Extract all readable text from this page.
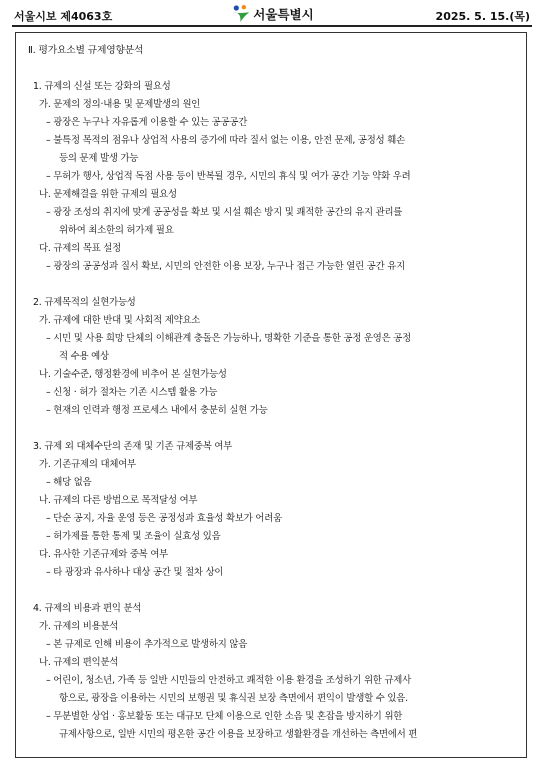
서울시보 제4063호	서울특별시	2025. 5. 15.(목)
Ⅱ. 평가요소별 규제영향분석
1. 규제의 신설 또는 강화의 필요성
가. 문제의 정의·내용 및 문제발생의 원인
– 광장은 누구나 자유롭게 이용할 수 있는 공공공간
– 불특정 목적의 점유나 상업적 사용의 증가에 따라 질서 없는 이용, 안전 문제, 공정성 훼손
등의 문제 발생 가능
– 무허가 행사, 상업적 독점 사용 등이 반복될 경우, 시민의 휴식 및 여가 공간 기능 약화 우려
나. 문제해결을 위한 규제의 필요성
– 광장 조성의 취지에 맞게 공공성을 확보 및 시설 훼손 방지 및 쾌적한 공간의 유지 관리를
위하여 최소한의 허가제 필요
다. 규제의 목표 설정
– 광장의 공공성과 질서 확보, 시민의 안전한 이용 보장, 누구나 접근 가능한 열린 공간 유지
2. 규제목적의 실현가능성
가. 규제에 대한 반대 및 사회적 제약요소
– 시민 및 사용 희망 단체의 이해관계 충돌은 가능하나, 명확한 기준을 통한 공정 운영은 공정
적 수용 예상
나. 기술수준, 행정환경에 비추어 본 실현가능성
– 신청 · 허가 절차는 기존 시스템 활용 가능
– 현재의 인력과 행정 프로세스 내에서 충분히 실현 가능
3. 규제 외 대체수단의 존재 및 기존 규제중복 여부
가. 기존규제의 대체여부
– 해당 없음
나. 규제의 다른 방법으로 목적달성 여부
– 단순 공지, 자율 운영 등은 공정성과 효율성 확보가 어려움
– 허가제를 통한 통제 및 조율이 실효성 있음
다. 유사한 기존규제와 중복 여부
– 타 광장과 유사하나 대상 공간 및 절차 상이
4. 규제의 비용과 편익 분석
가. 규제의 비용분석
– 본 규제로 인해 비용이 추가적으로 발생하지 않음
나. 규제의 편익분석
– 어린이, 청소년, 가족 등 일반 시민들의 안전하고 쾌적한 이용 환경을 조성하기 위한 규제사
항으로, 광장을 이용하는 시민의 보행권 및 휴식권 보장 측면에서 편익이 발생할 수 있음.
– 무분별한 상업 · 홍보활동 또는 대규모 단체 이용으로 인한 소음 및 혼잡을 방지하기 위한
규제사항으로, 일반 시민의 평온한 공간 이용을 보장하고 생활환경을 개선하는 측면에서 편
